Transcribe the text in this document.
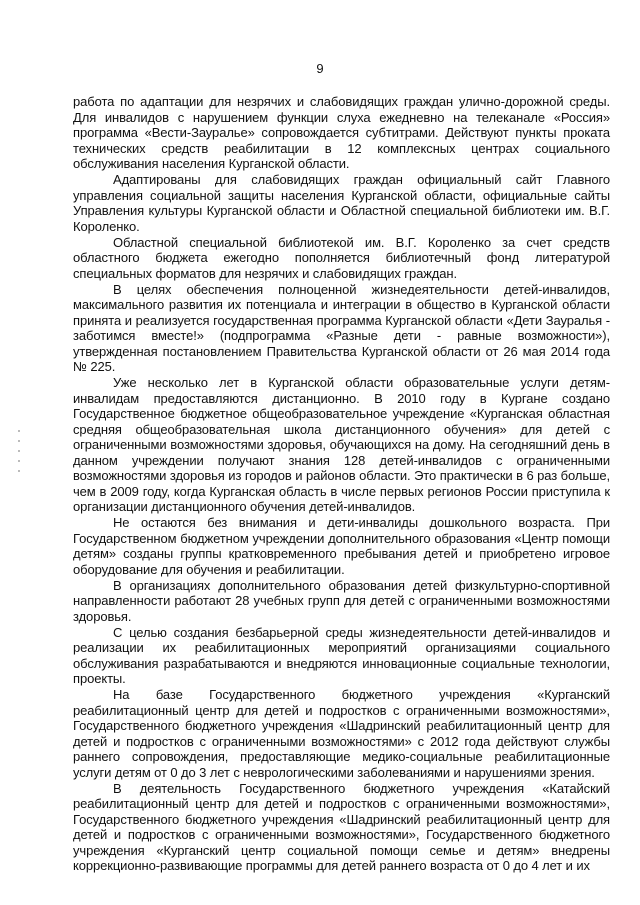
9

работа по адаптации для незрячих и слабовидящих граждан улично-дорожной среды. Для инвалидов с нарушением функции слуха ежедневно на телеканале «Россия» программа «Вести-Зауралье» сопровождается субтитрами. Действуют пункты проката технических средств реабилитации в 12 комплексных центрах социального обслуживания населения Курганской области.

Адаптированы для слабовидящих граждан официальный сайт Главного управления социальной защиты населения Курганской области, официальные сайты Управления культуры Курганской области и Областной специальной библиотеки им. В.Г. Короленко.

Областной специальной библиотекой им. В.Г. Короленко за счет средств областного бюджета ежегодно пополняется библиотечный фонд литературой специальных форматов для незрячих и слабовидящих граждан.

В целях обеспечения полноценной жизнедеятельности детей-инвалидов, максимального развития их потенциала и интеграции в общество в Курганской области принята и реализуется государственная программа Курганской области «Дети Зауралья - заботимся вместе!» (подпрограмма «Разные дети - равные возможности»), утвержденная постановлением Правительства Курганской области от 26 мая 2014 года № 225.

Уже несколько лет в Курганской области образовательные услуги детям-инвалидам предоставляются дистанционно. В 2010 году в Кургане создано Государственное бюджетное общеобразовательное учреждение «Курганская областная средняя общеобразовательная школа дистанционного обучения» для детей с ограниченными возможностями здоровья, обучающихся на дому. На сегодняшний день в данном учреждении получают знания 128 детей-инвалидов с ограниченными возможностями здоровья из городов и районов области. Это практически в 6 раз больше, чем в 2009 году, когда Курганская область в числе первых регионов России приступила к организации дистанционного обучения детей-инвалидов.

Не остаются без внимания и дети-инвалиды дошкольного возраста. При Государственном бюджетном учреждении дополнительного образования «Центр помощи детям» созданы группы кратковременного пребывания детей и приобретено игровое оборудование для обучения и реабилитации.

В организациях дополнительного образования детей физкультурно-спортивной направленности работают 28 учебных групп для детей с ограниченными возможностями здоровья.

С целью создания безбарьерной среды жизнедеятельности детей-инвалидов и реализации их реабилитационных мероприятий организациями социального обслуживания разрабатываются и внедряются инновационные социальные технологии, проекты.

На базе Государственного бюджетного учреждения «Курганский реабилитационный центр для детей и подростков с ограниченными возможностями», Государственного бюджетного учреждения «Шадринский реабилитационный центр для детей и подростков с ограниченными возможностями» с 2012 года действуют службы раннего сопровождения, предоставляющие медико-социальные реабилитационные услуги детям от 0 до 3 лет с неврологическими заболеваниями и нарушениями зрения.

В деятельность Государственного бюджетного учреждения «Катайский реабилитационный центр для детей и подростков с ограниченными возможностями», Государственного бюджетного учреждения «Шадринский реабилитационный центр для детей и подростков с ограниченными возможностями», Государственного бюджетного учреждения «Курганский центр социальной помощи семье и детям» внедрены коррекционно-развивающие программы для детей раннего возраста от 0 до 4 лет и их
